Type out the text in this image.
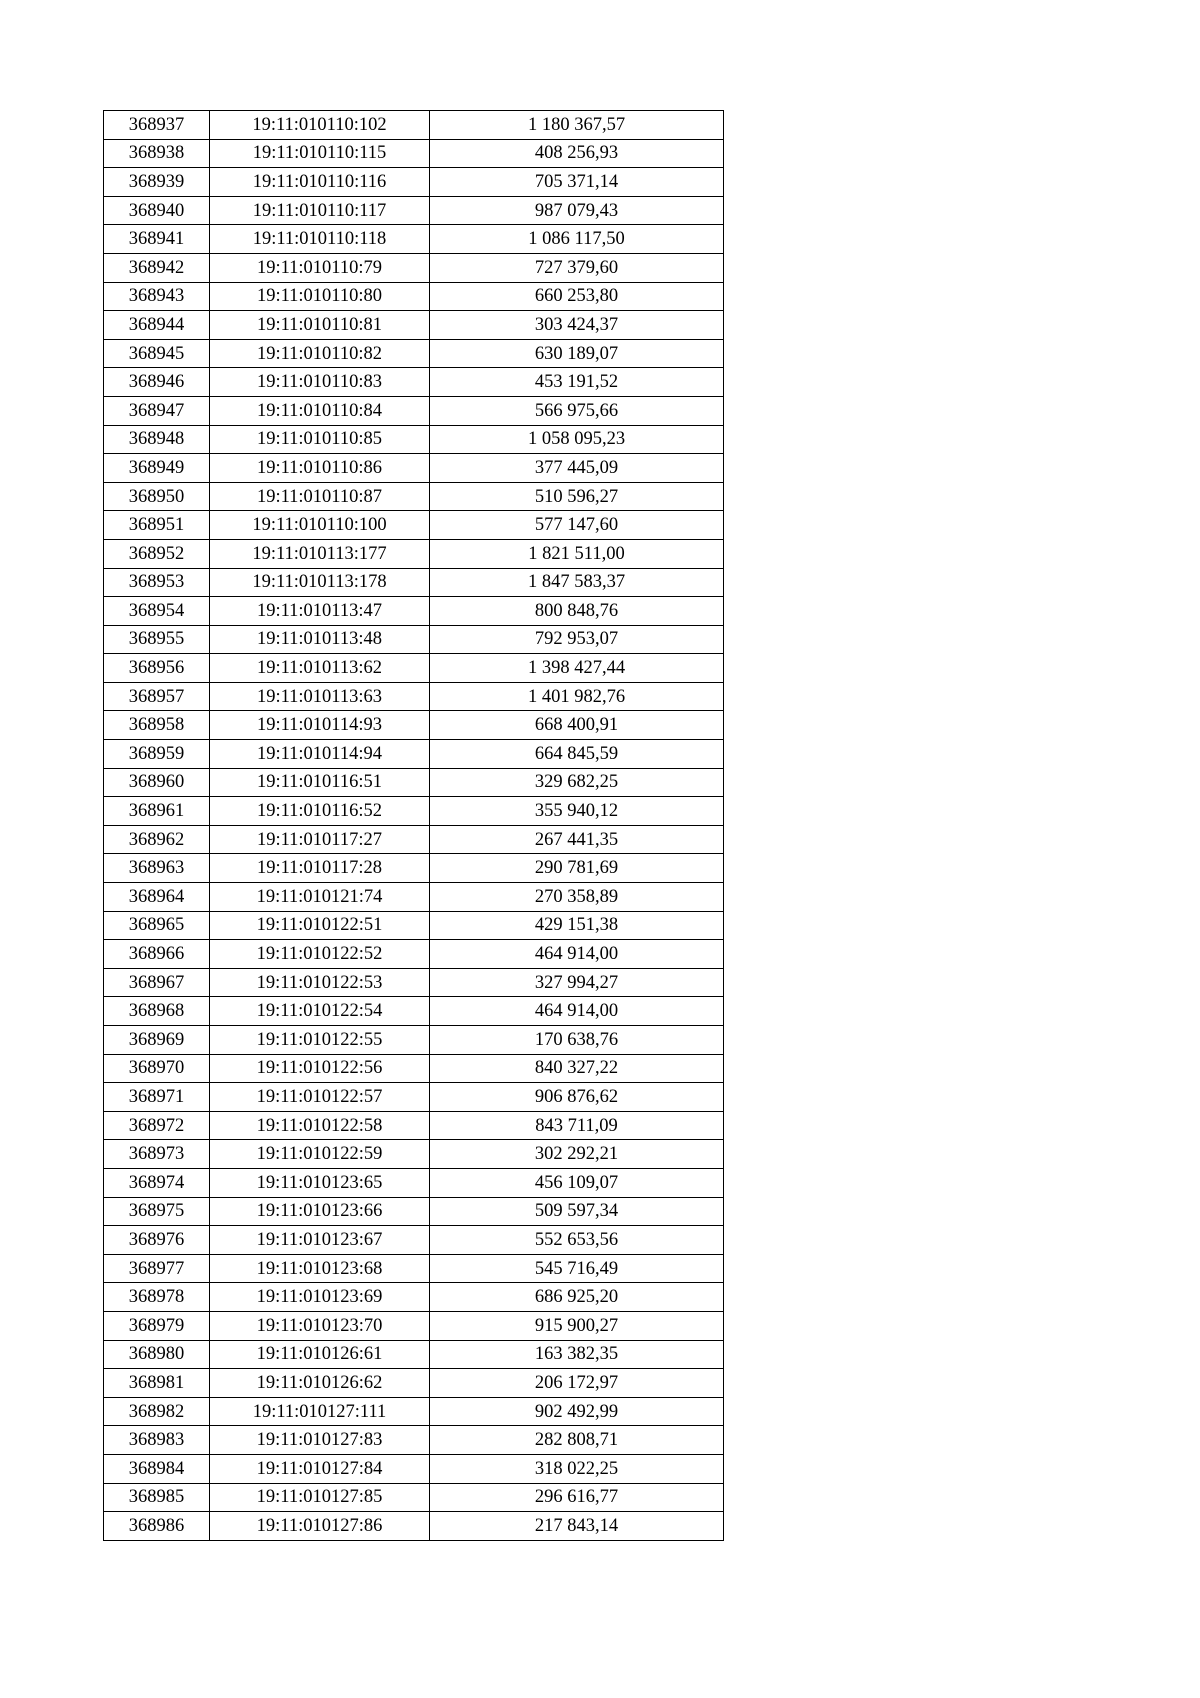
368937	19:11:010110:102	1 180 367,57
368938	19:11:010110:115	408 256,93
368939	19:11:010110:116	705 371,14
368940	19:11:010110:117	987 079,43
368941	19:11:010110:118	1 086 117,50
368942	19:11:010110:79	727 379,60
368943	19:11:010110:80	660 253,80
368944	19:11:010110:81	303 424,37
368945	19:11:010110:82	630 189,07
368946	19:11:010110:83	453 191,52
368947	19:11:010110:84	566 975,66
368948	19:11:010110:85	1 058 095,23
368949	19:11:010110:86	377 445,09
368950	19:11:010110:87	510 596,27
368951	19:11:010110:100	577 147,60
368952	19:11:010113:177	1 821 511,00
368953	19:11:010113:178	1 847 583,37
368954	19:11:010113:47	800 848,76
368955	19:11:010113:48	792 953,07
368956	19:11:010113:62	1 398 427,44
368957	19:11:010113:63	1 401 982,76
368958	19:11:010114:93	668 400,91
368959	19:11:010114:94	664 845,59
368960	19:11:010116:51	329 682,25
368961	19:11:010116:52	355 940,12
368962	19:11:010117:27	267 441,35
368963	19:11:010117:28	290 781,69
368964	19:11:010121:74	270 358,89
368965	19:11:010122:51	429 151,38
368966	19:11:010122:52	464 914,00
368967	19:11:010122:53	327 994,27
368968	19:11:010122:54	464 914,00
368969	19:11:010122:55	170 638,76
368970	19:11:010122:56	840 327,22
368971	19:11:010122:57	906 876,62
368972	19:11:010122:58	843 711,09
368973	19:11:010122:59	302 292,21
368974	19:11:010123:65	456 109,07
368975	19:11:010123:66	509 597,34
368976	19:11:010123:67	552 653,56
368977	19:11:010123:68	545 716,49
368978	19:11:010123:69	686 925,20
368979	19:11:010123:70	915 900,27
368980	19:11:010126:61	163 382,35
368981	19:11:010126:62	206 172,97
368982	19:11:010127:111	902 492,99
368983	19:11:010127:83	282 808,71
368984	19:11:010127:84	318 022,25
368985	19:11:010127:85	296 616,77
368986	19:11:010127:86	217 843,14
